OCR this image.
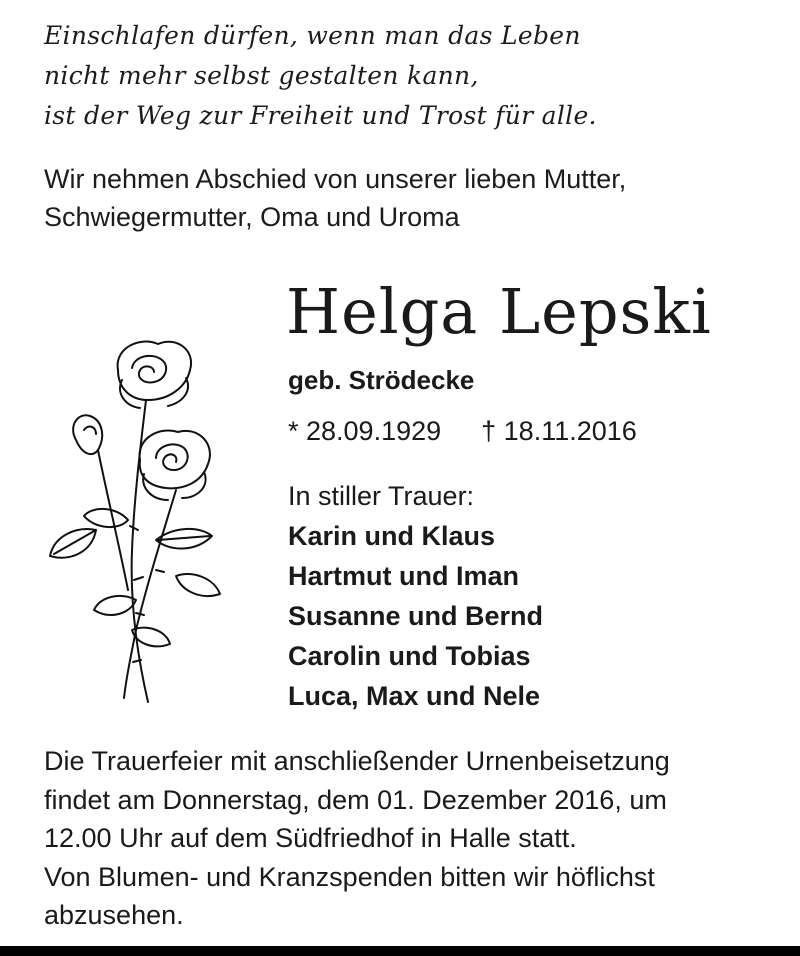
Einschlafen dürfen, wenn man das Leben
nicht mehr selbst gestalten kann,
ist der Weg zur Freiheit und Trost für alle.
Wir nehmen Abschied von unserer lieben Mutter,
Schwiegermutter, Oma und Uroma
Helga Lepski
geb. Strödecke
* 28.09.1929 † 18.11.2016
In stiller Trauer:
Karin und Klaus
Hartmut und Iman
Susanne und Bernd
Carolin und Tobias
Luca, Max und Nele
Die Trauerfeier mit anschließender Urnenbeisetzung
findet am Donnerstag, dem 01. Dezember 2016, um
12.00 Uhr auf dem Südfriedhof in Halle statt.
Von Blumen- und Kranzspenden bitten wir höflichst
abzusehen.
